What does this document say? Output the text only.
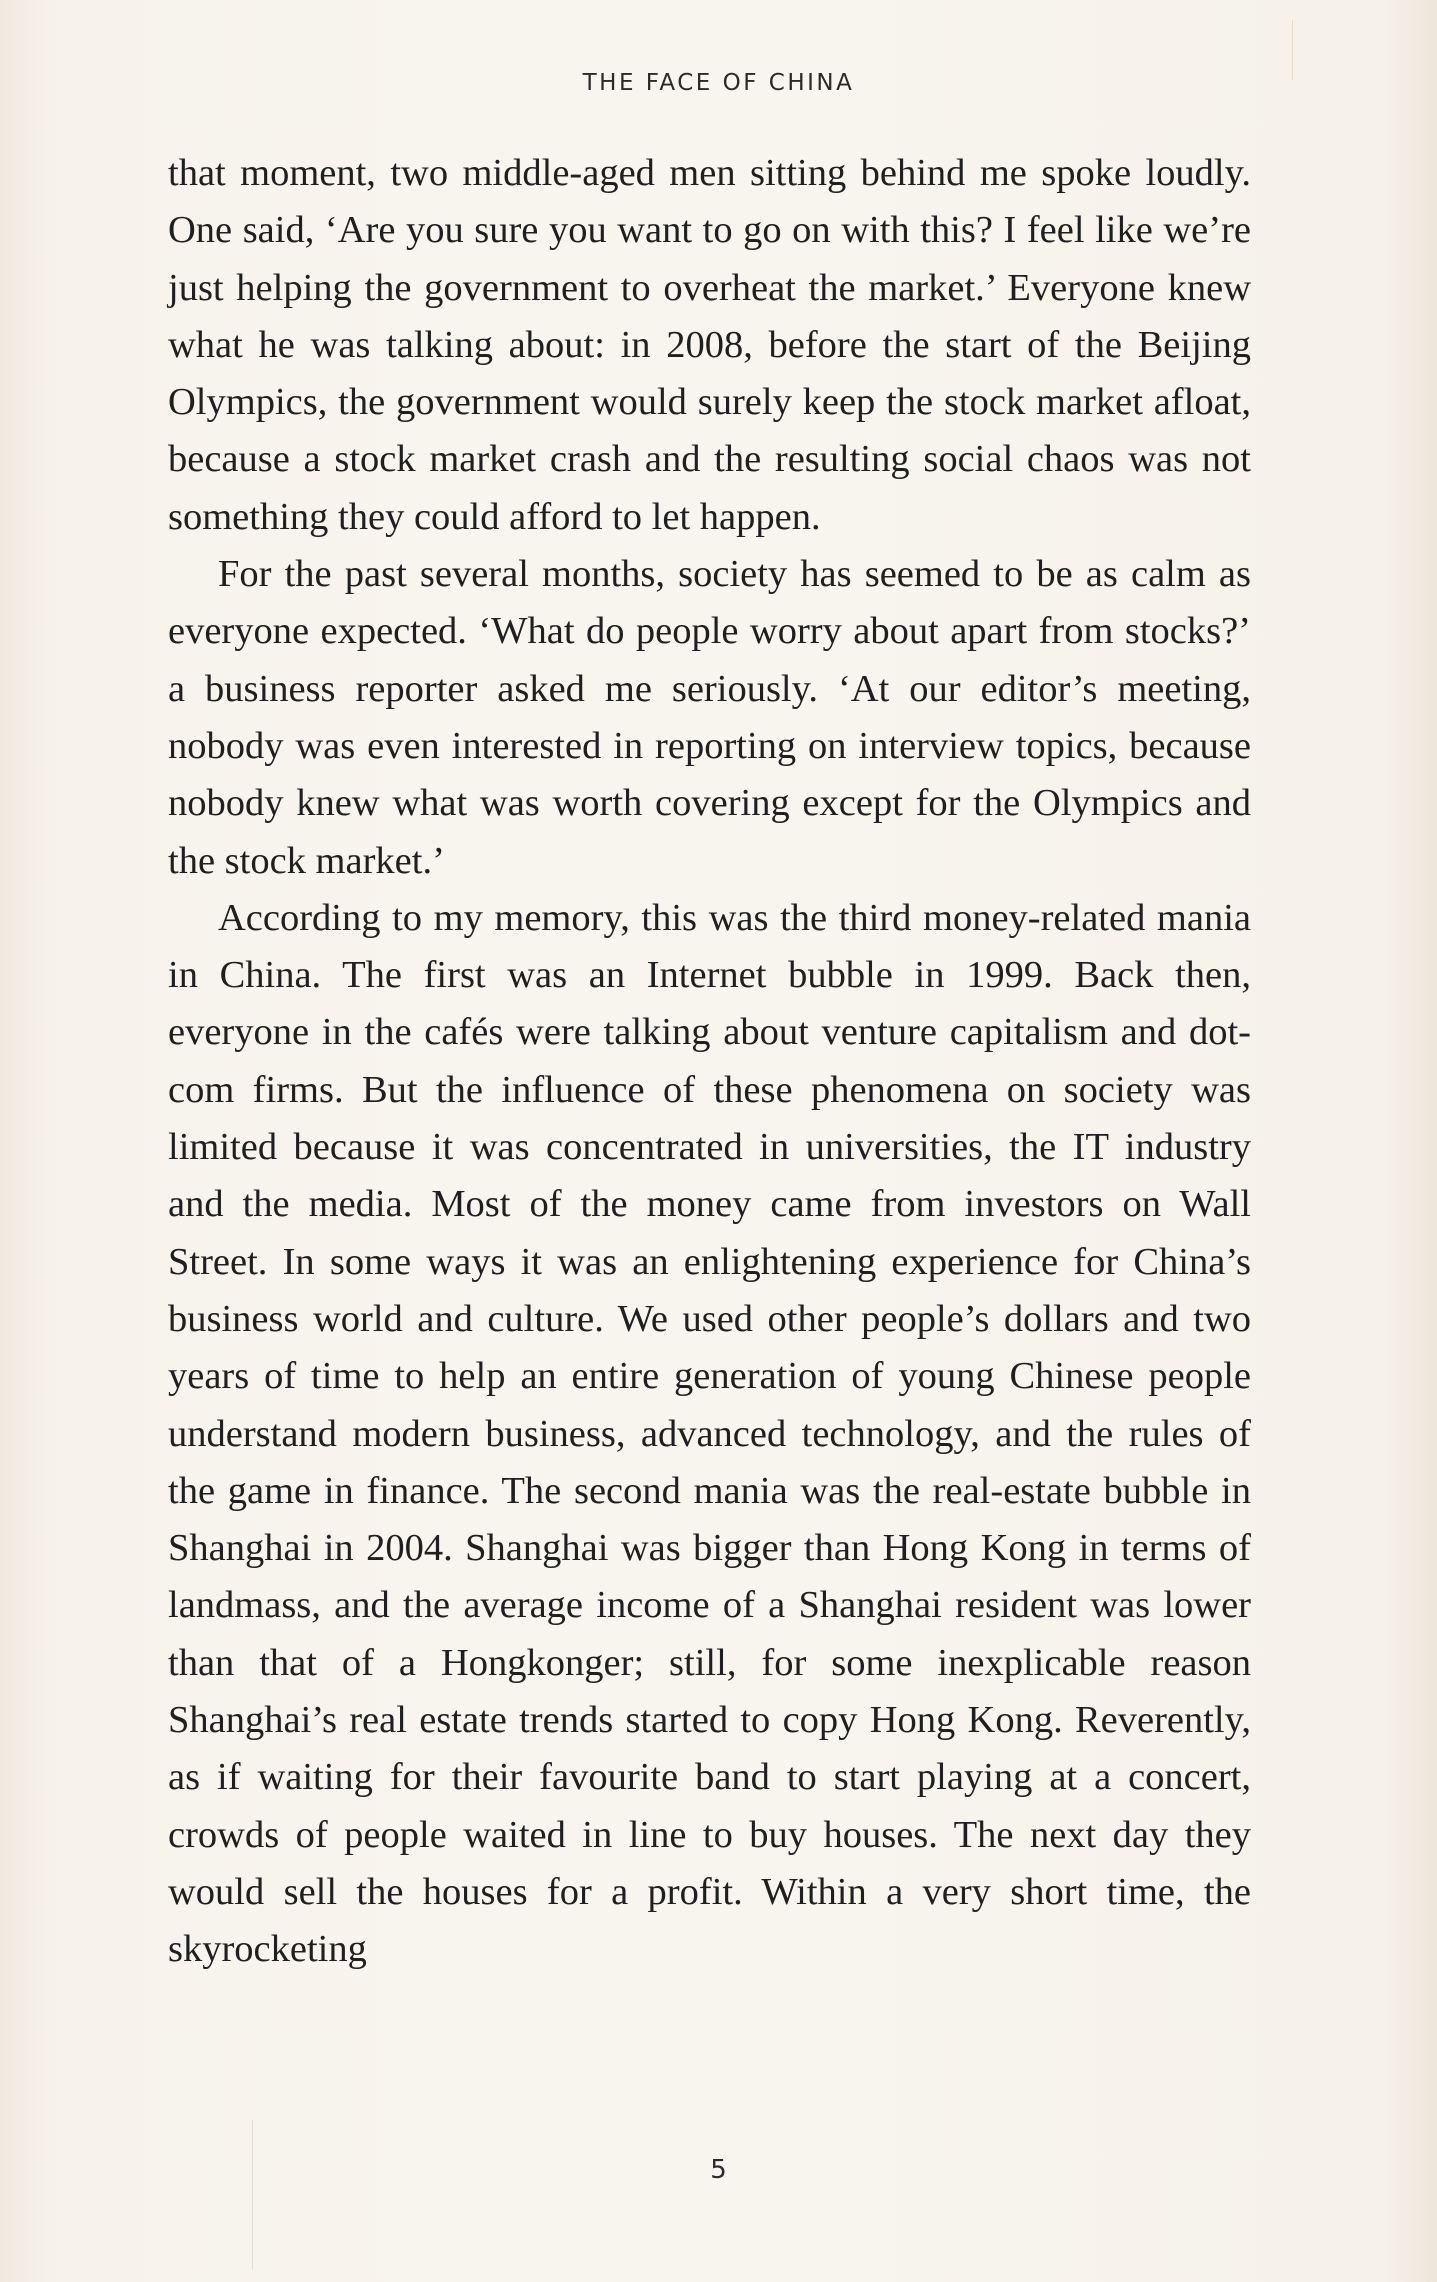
THE FACE OF CHINA

that moment, two middle-aged men sitting behind me spoke loudly. One said, ‘Are you sure you want to go on with this? I feel like we’re just helping the government to overheat the market.’ Everyone knew what he was talking about: in 2008, before the start of the Beijing Olympics, the government would surely keep the stock market afloat, because a stock market crash and the resulting social chaos was not something they could afford to let happen.

For the past several months, society has seemed to be as calm as everyone expected. ‘What do people worry about apart from stocks?’ a business reporter asked me seriously. ‘At our editor’s meeting, nobody was even interested in reporting on interview topics, because nobody knew what was worth covering except for the Olympics and the stock market.’

According to my memory, this was the third money-related mania in China. The first was an Internet bubble in 1999. Back then, everyone in the cafés were talking about venture capitalism and dot-com firms. But the influence of these phenomena on society was limited because it was concentrated in universities, the IT industry and the media. Most of the money came from investors on Wall Street. In some ways it was an enlightening experience for China’s business world and culture. We used other people’s dollars and two years of time to help an entire generation of young Chinese people understand modern business, advanced technology, and the rules of the game in finance. The second mania was the real-estate bubble in Shanghai in 2004. Shanghai was bigger than Hong Kong in terms of landmass, and the average income of a Shanghai resident was lower than that of a Hongkonger; still, for some inexplicable reason Shanghai’s real estate trends started to copy Hong Kong. Reverently, as if waiting for their favourite band to start playing at a concert, crowds of people waited in line to buy houses. The next day they would sell the houses for a profit. Within a very short time, the skyrocketing

5
